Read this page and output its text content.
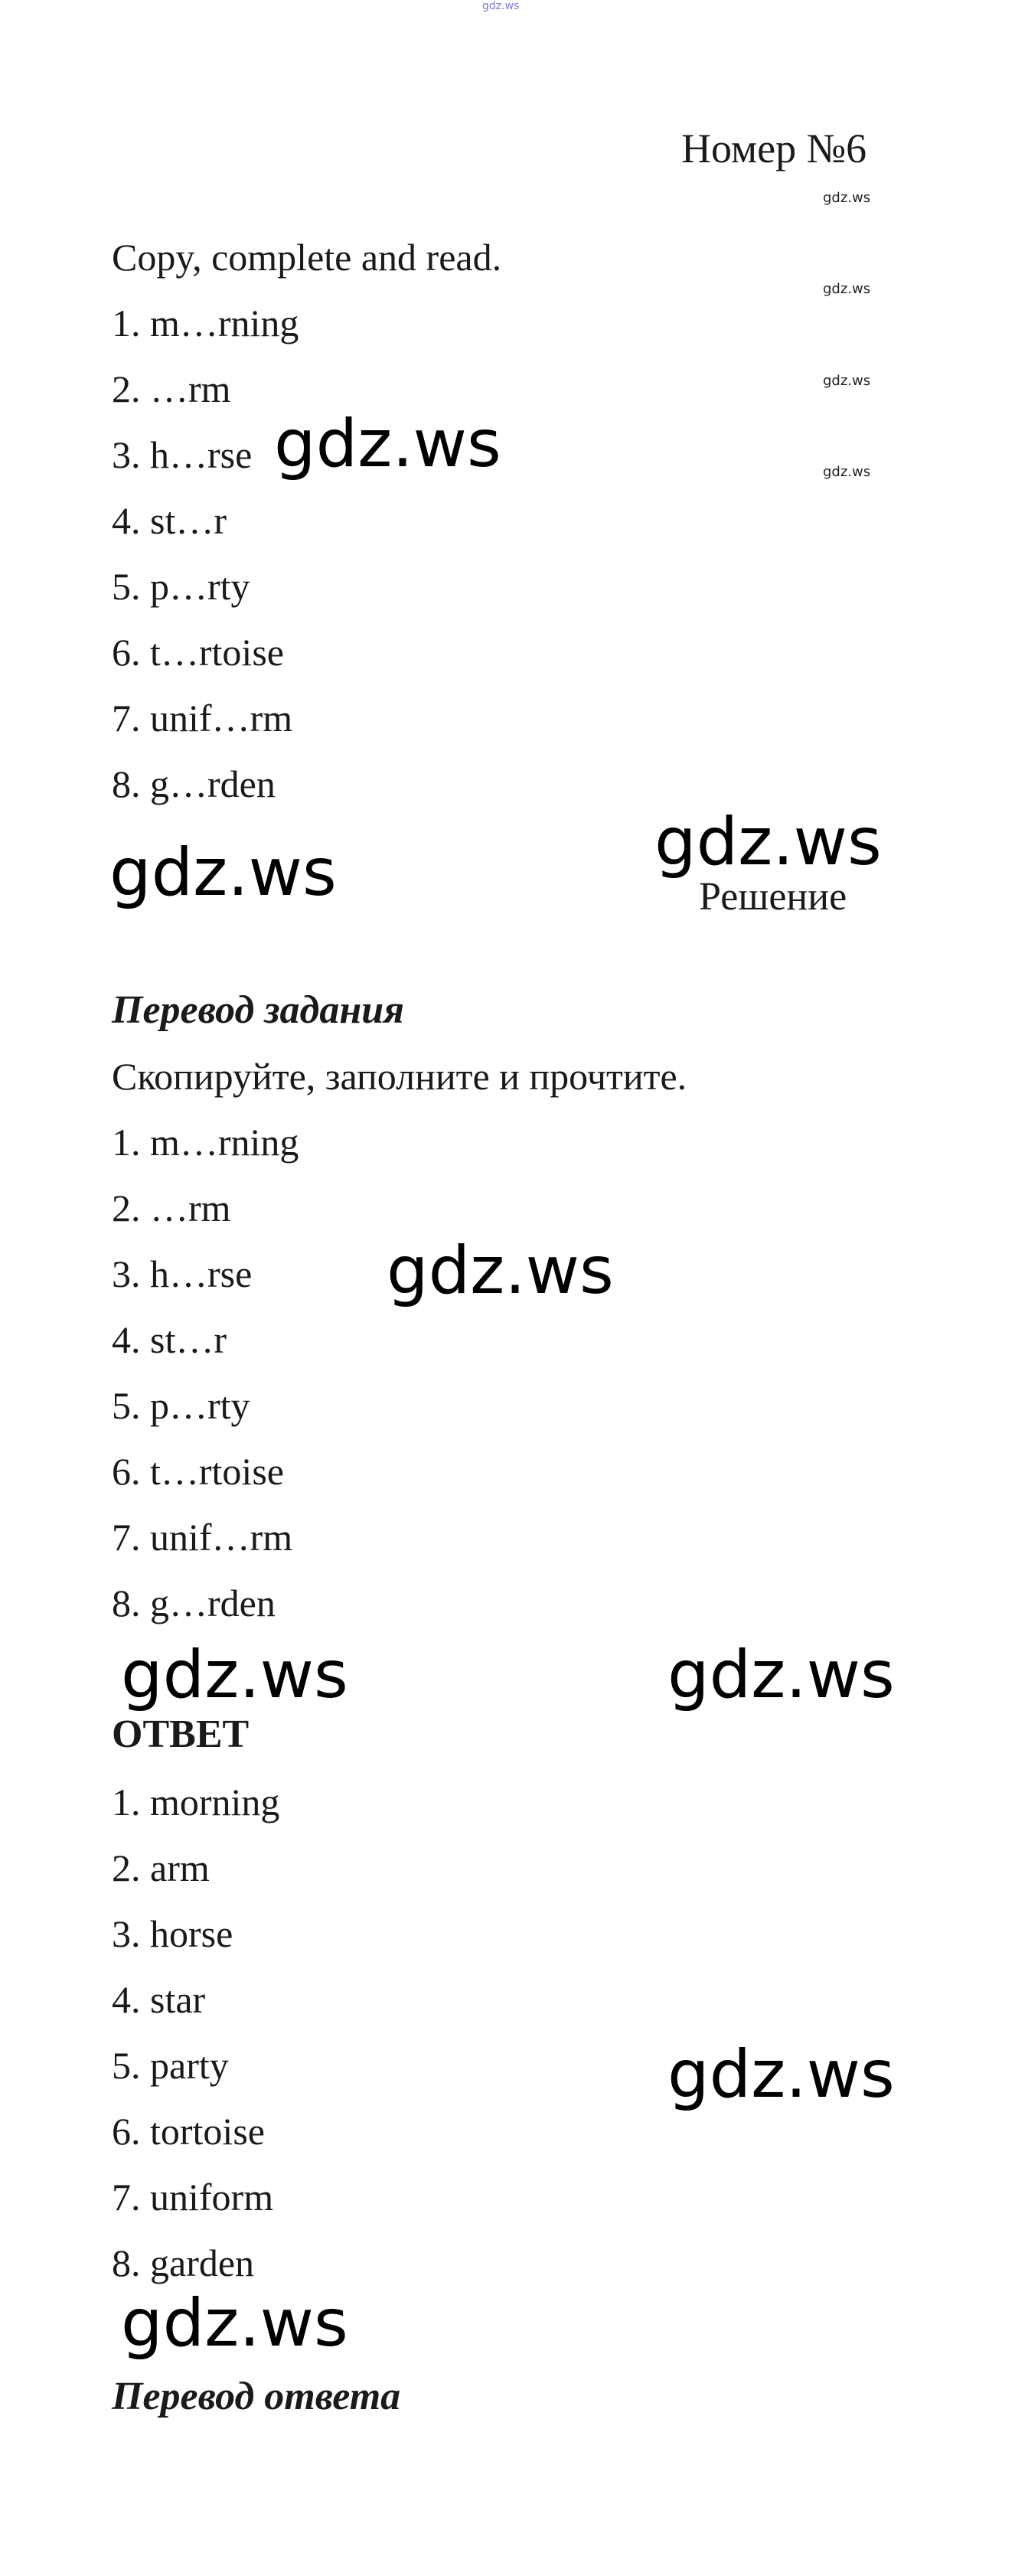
gdz.ws
Номер №6
gdz.ws
gdz.ws
gdz.ws
gdz.ws
Copy, complete and read.
1. m…rning
2. …rm
3. h…rse
4. st…r
5. p…rty
6. t…rtoise
7. unif…rm
8. g…rden
gdz.ws
gdz.ws	gdz.ws
Решение
Перевод задания
Скопируйте, заполните и прочтите.
1. m…rning
2. …rm
3. h…rse
4. st…r
5. p…rty
6. t…rtoise
7. unif…rm
8. g…rden
gdz.ws
gdz.ws	gdz.ws
ОТВЕТ
1. morning
2. arm
3. horse
4. star
5. party
6. tortoise
7. uniform
8. garden
gdz.ws
gdz.ws
Перевод ответа
